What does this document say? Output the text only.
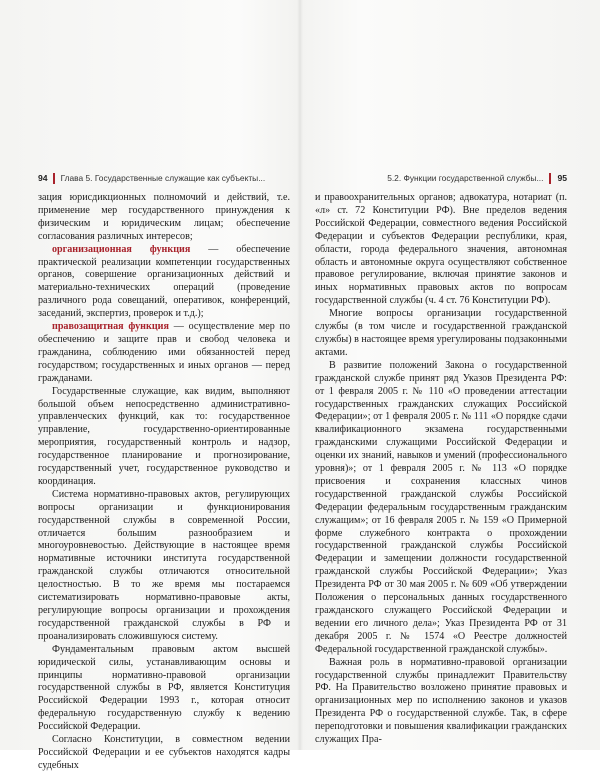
94 Глава 5. Государственные служащие как субъекты...

зация юрисдикционных полномочий и действий, т.е. применение мер государственного принуждения к физическим и юридическим лицам; обеспечение согласования различных интересов;

организационная функция — обеспечение практической реализации компетенции государственных органов, совершение организационных действий и материально-технических операций (проведение различного рода совещаний, оперативок, конференций, заседаний, экспертиз, проверок и т.д.);

правозащитная функция — осуществление мер по обеспечению и защите прав и свобод человека и гражданина, соблюдению ими обязанностей перед государством; государственных и иных органов — перед гражданами.

Государственные служащие, как видим, выполняют большой объем непосредственно административно-управленческих функций, как то: государственное управление, государственно-ориентированные мероприятия, государственный контроль и надзор, государственное планирование и прогнозирование, государственный учет, государственное руководство и координация.

Система нормативно-правовых актов, регулирующих вопросы организации и функционирования государственной службы в современной России, отличается большим разнообразием и многоуровневостью. Действующие в настоящее время нормативные источники института государственной гражданской службы отличаются относительной целостностью. В то же время мы постараемся систематизировать нормативно-правовые акты, регулирующие вопросы организации и прохождения государственной гражданской службы в РФ и проанализировать сложившуюся систему.

Фундаментальным правовым актом высшей юридической силы, устанавливающим основы и принципы нормативно-правовой организации государственной службы в РФ, является Конституция Российской Федерации 1993 г., которая относит федеральную государственную службу к ведению Российской Федерации.

Согласно Конституции, в совместном ведении Российской Федерации и ее субъектов находятся кадры судебных

5.2. Функции государственной службы... 95

и правоохранительных органов; адвокатура, нотариат (п. «л» ст. 72 Конституции РФ). Вне пределов ведения Российской Федерации, совместного ведения Российской Федерации и субъектов Федерации республики, края, области, города федерального значения, автономная область и автономные округа осуществляют собственное правовое регулирование, включая принятие законов и иных нормативных правовых актов по вопросам государственной службы (ч. 4 ст. 76 Конституции РФ).

Многие вопросы организации государственной службы (в том числе и государственной гражданской службы) в настоящее время урегулированы подзаконными актами.

В развитие положений Закона о государственной гражданской службе принят ряд Указов Президента РФ: от 1 февраля 2005 г. № 110 «О проведении аттестации государственных гражданских служащих Российской Федерации»; от 1 февраля 2005 г. № 111 «О порядке сдачи квалификационного экзамена государственными гражданскими служащими Российской Федерации и оценки их знаний, навыков и умений (профессионального уровня)»; от 1 февраля 2005 г. № 113 «О порядке присвоения и сохранения классных чинов государственной гражданской службы Российской Федерации федеральным государственным гражданским служащим»; от 16 февраля 2005 г. № 159 «О Примерной форме служебного контракта о прохождении государственной гражданской службы Российской Федерации и замещении должности государственной гражданской службы Российской Федерации»; Указ Президента РФ от 30 мая 2005 г. № 609 «Об утверждении Положения о персональных данных государственного гражданского служащего Российской Федерации и ведении его личного дела»; Указ Президента РФ от 31 декабря 2005 г. № 1574 «О Реестре должностей Федеральной государственной гражданской службы».

Важная роль в нормативно-правовой организации государственной службы принадлежит Правительству РФ. На Правительство возложено принятие правовых и организационных мер по исполнению законов и указов Президента РФ о государственной службе. Так, в сфере переподготовки и повышения квалификации гражданских служащих Пра-
